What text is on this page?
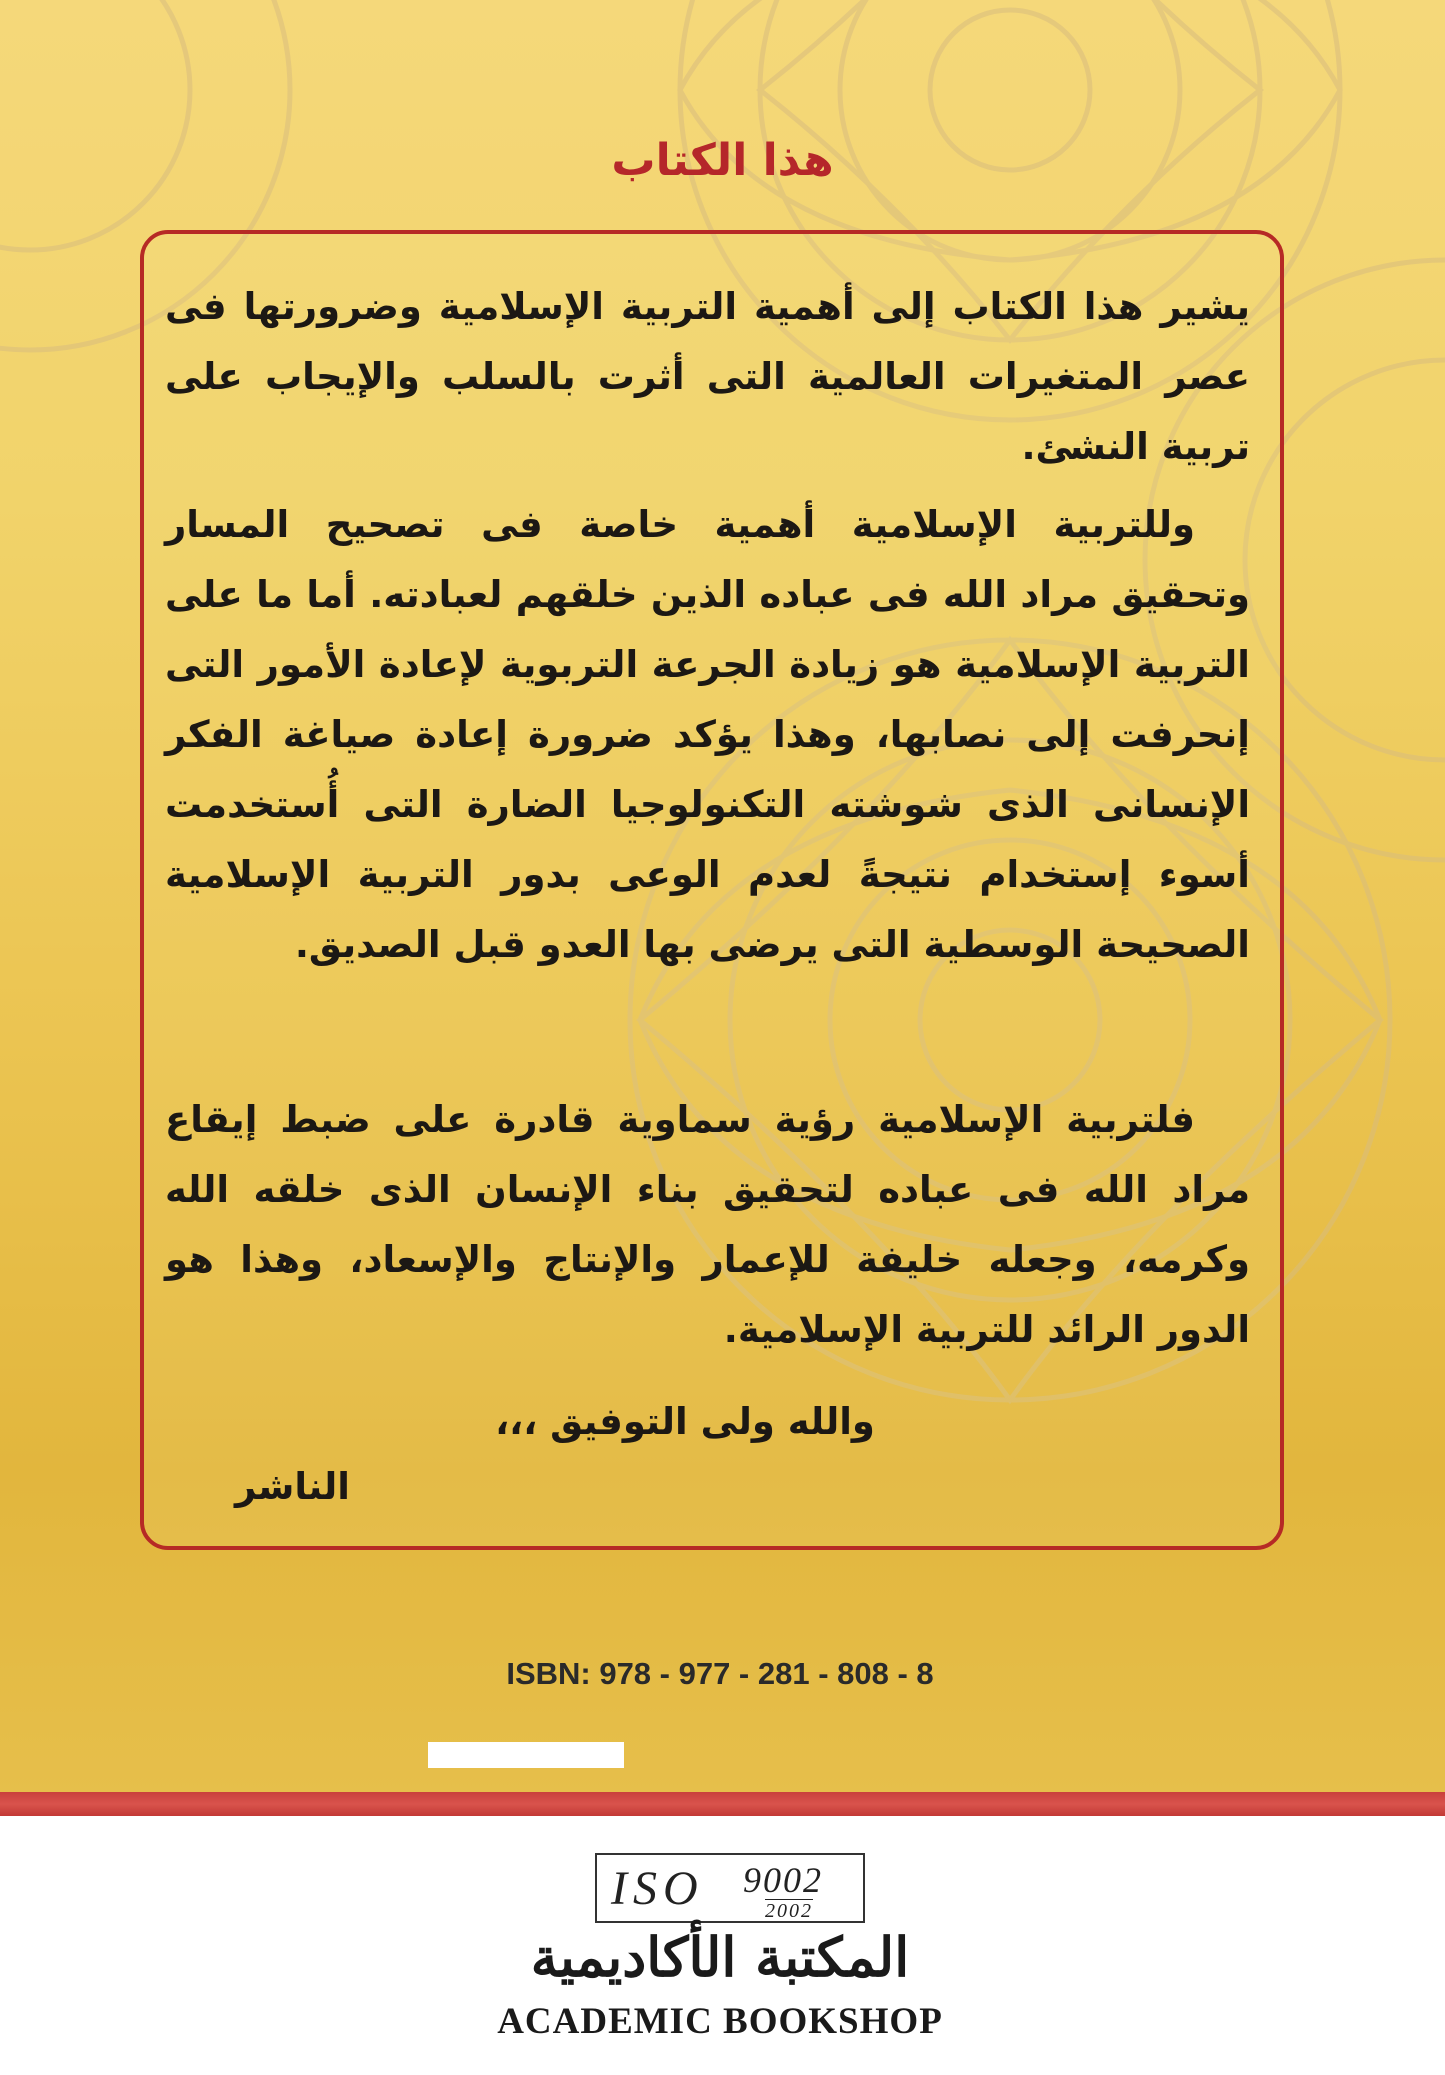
هذا الكتاب

يشير هذا الكتاب إلى أهمية التربية الإسلامية وضرورتها فى عصر المتغيرات العالمية التى أثرت بالسلب والإيجاب على تربية النشئ.

وللتربية الإسلامية أهمية خاصة فى تصحيح المسار وتحقيق مراد الله فى عباده الذين خلقهم لعبادته. أما ما على التربية الإسلامية هو زيادة الجرعة التربوية لإعادة الأمور التى إنحرفت إلى نصابها، وهذا يؤكد ضرورة إعادة صياغة الفكر الإنسانى الذى شوشته التكنولوجيا الضارة التى أُستخدمت أسوء إستخدام نتيجةً لعدم الوعى بدور التربية الإسلامية الصحيحة الوسطية التى يرضى بها العدو قبل الصديق.

فلتربية الإسلامية رؤية سماوية قادرة على ضبط إيقاع مراد الله فى عباده لتحقيق بناء الإنسان الذى خلقه الله وكرمه، وجعله خليفة للإعمار والإنتاج والإسعاد، وهذا هو الدور الرائد للتربية الإسلامية.

والله ولى التوفيق ،،،
الناشر
ISBN: 978 - 977 - 281 - 808 - 8
ISO 9002
2002
المكتبة الأكاديمية
ACADEMIC BOOKSHOP
